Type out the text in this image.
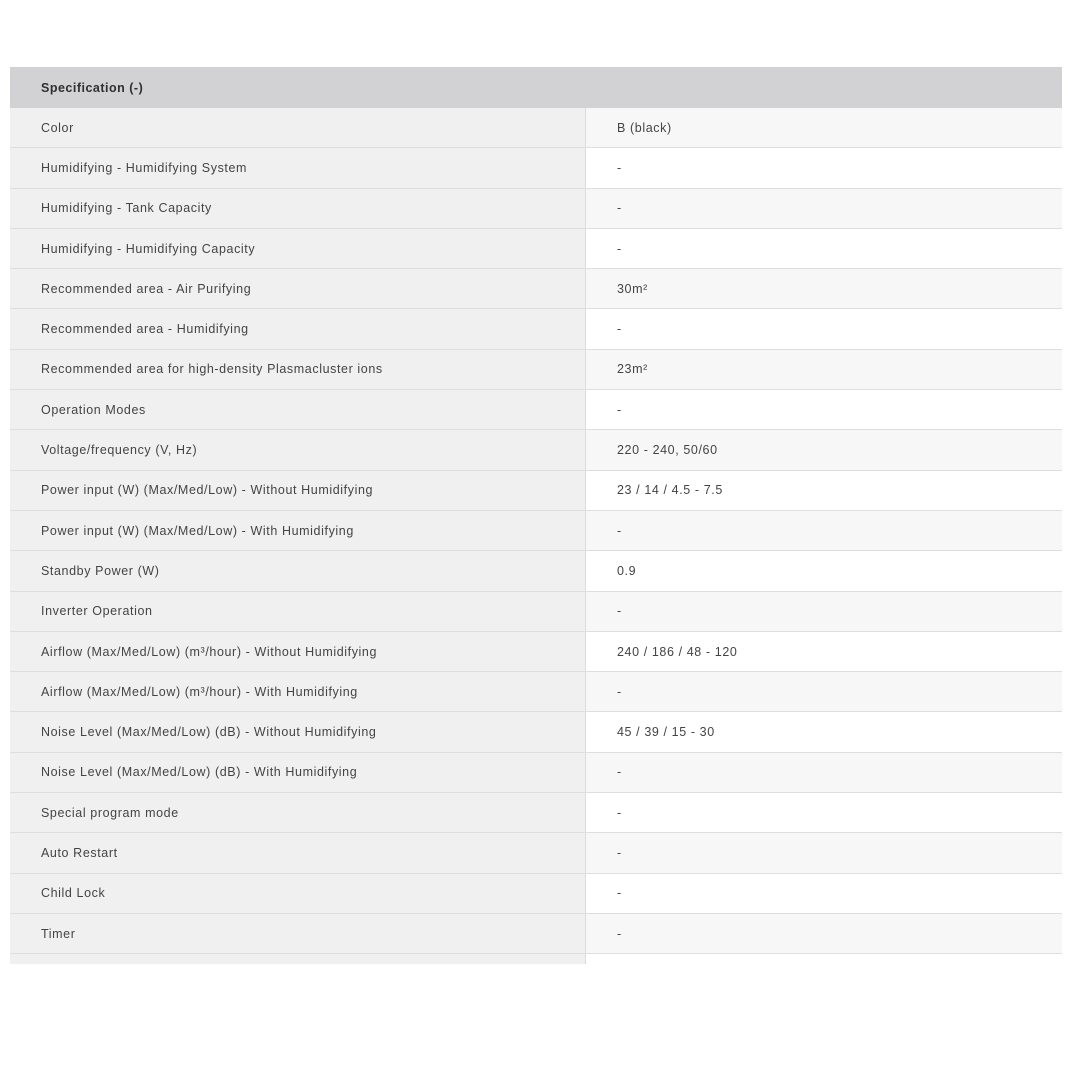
Specification (-)
Color	B (black)
Humidifying - Humidifying System	-
Humidifying - Tank Capacity	-
Humidifying - Humidifying Capacity	-
Recommended area - Air Purifying	30m²
Recommended area - Humidifying	-
Recommended area for high-density Plasmacluster ions	23m²
Operation Modes	-
Voltage/frequency (V, Hz)	220 - 240, 50/60
Power input (W) (Max/Med/Low) - Without Humidifying	23 / 14 / 4.5 - 7.5
Power input (W) (Max/Med/Low) - With Humidifying	-
Standby Power (W)	0.9
Inverter Operation	-
Airflow (Max/Med/Low) (m³/hour) - Without Humidifying	240 / 186 / 48 - 120
Airflow (Max/Med/Low) (m³/hour) - With Humidifying	-
Noise Level (Max/Med/Low) (dB) - Without Humidifying	45 / 39 / 15 - 30
Noise Level (Max/Med/Low) (dB) - With Humidifying	-
Special program mode	-
Auto Restart	-
Child Lock	-
Timer	-
